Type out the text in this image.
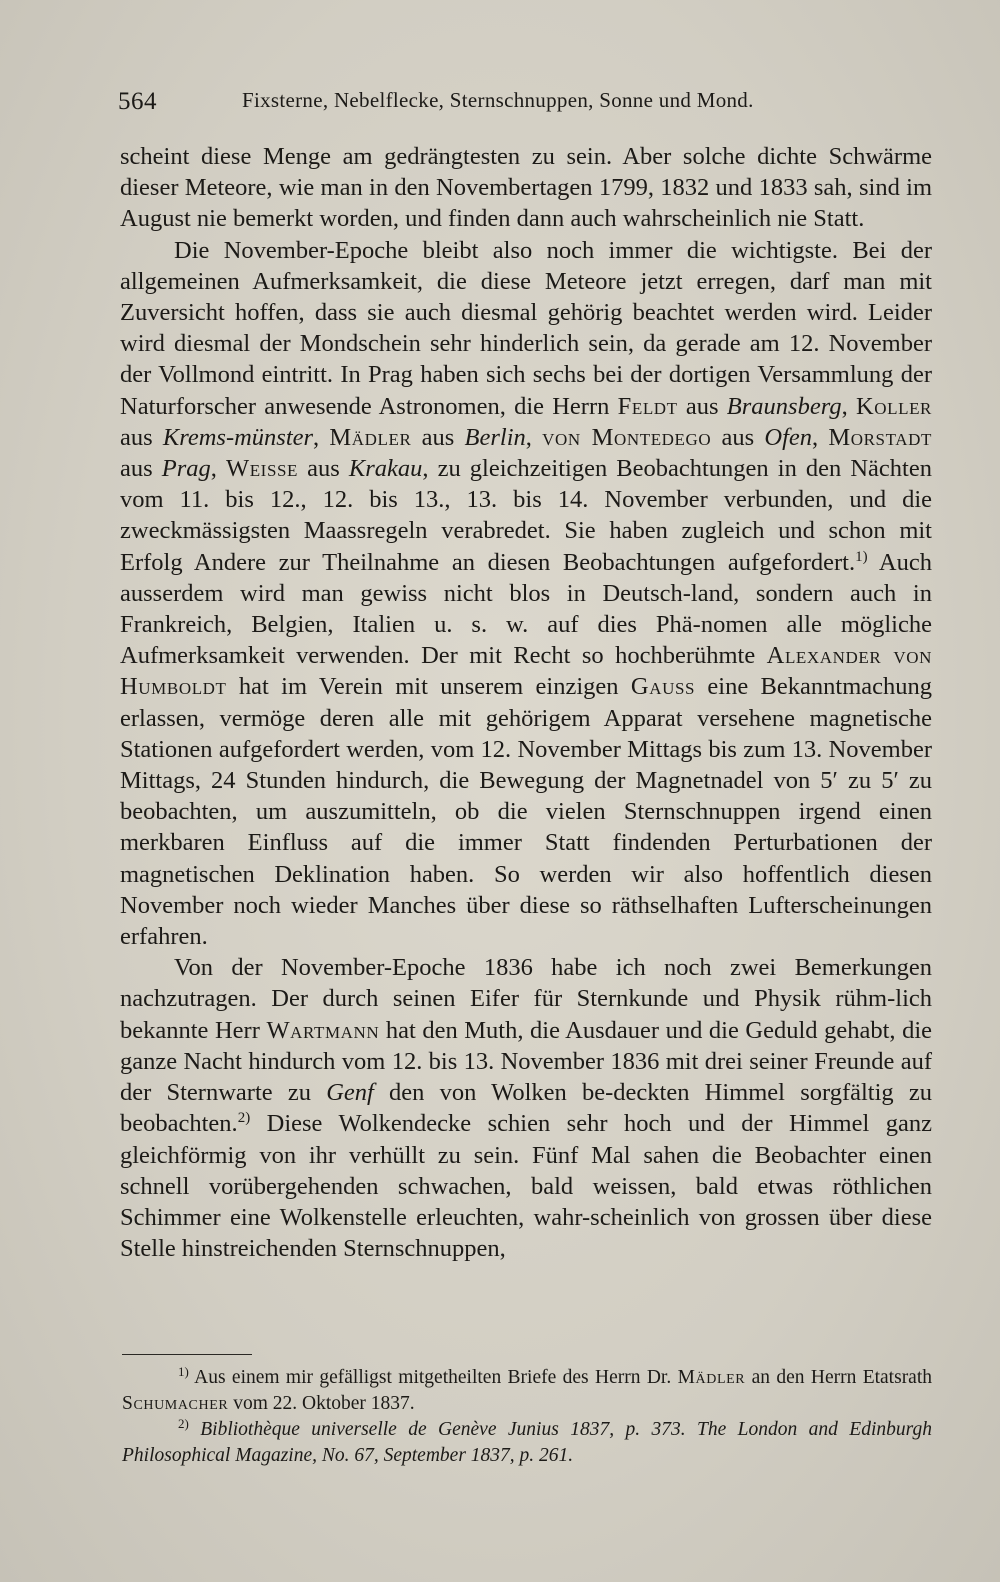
564	Fixsterne, Nebelflecke, Sternschnuppen, Sonne und Mond.

scheint diese Menge am gedrängtesten zu sein. Aber solche dichte Schwärme dieser Meteore, wie man in den Novembertagen 1799, 1832 und 1833 sah, sind im August nie bemerkt worden, und finden dann auch wahrscheinlich nie Statt.

Die November-Epoche bleibt also noch immer die wichtigste. Bei der allgemeinen Aufmerksamkeit, die diese Meteore jetzt erregen, darf man mit Zuversicht hoffen, dass sie auch diesmal gehörig beachtet werden wird. Leider wird diesmal der Mondschein sehr hinderlich sein, da gerade am 12. November der Vollmond eintritt. In Prag haben sich sechs bei der dortigen Versammlung der Naturforscher anwesende Astronomen, die Herrn Feldt aus Braunsberg, Koller aus Krems-münster, Mädler aus Berlin, von Montedego aus Ofen, Morstadt aus Prag, Weisse aus Krakau, zu gleichzeitigen Beobachtungen in den Nächten vom 11. bis 12., 12. bis 13., 13. bis 14. November verbunden, und die zweckmässigsten Maassregeln verabredet. Sie haben zugleich und schon mit Erfolg Andere zur Theilnahme an diesen Beobachtungen aufgefordert.$^{1)}$ Auch ausserdem wird man gewiss nicht blos in Deutsch-land, sondern auch in Frankreich, Belgien, Italien u. s. w. auf dies Phä-nomen alle mögliche Aufmerksamkeit verwenden. Der mit Recht so hochberühmte Alexander von Humboldt hat im Verein mit unserem einzigen Gauss eine Bekanntmachung erlassen, vermöge deren alle mit gehörigem Apparat versehene magnetische Stationen aufgefordert werden, vom 12. November Mittags bis zum 13. November Mittags, 24 Stunden hindurch, die Bewegung der Magnetnadel von 5′ zu 5′ zu beobachten, um auszumitteln, ob die vielen Sternschnuppen irgend einen merkbaren Einfluss auf die immer Statt findenden Perturbationen der magnetischen Deklination haben. So werden wir also hoffentlich diesen November noch wieder Manches über diese so räthselhaften Lufterscheinungen erfahren.

Von der November-Epoche 1836 habe ich noch zwei Bemerkungen nachzutragen. Der durch seinen Eifer für Sternkunde und Physik rühm-lich bekannte Herr Wartmann hat den Muth, die Ausdauer und die Geduld gehabt, die ganze Nacht hindurch vom 12. bis 13. November 1836 mit drei seiner Freunde auf der Sternwarte zu Genf den von Wolken be-deckten Himmel sorgfältig zu beobachten.$^{2)}$ Diese Wolkendecke schien sehr hoch und der Himmel ganz gleichförmig von ihr verhüllt zu sein. Fünf Mal sahen die Beobachter einen schnell vorübergehenden schwachen, bald weissen, bald etwas röthlichen Schimmer eine Wolkenstelle erleuchten, wahr-scheinlich von grossen über diese Stelle hinstreichenden Sternschnuppen,

$^{1)}$ Aus einem mir gefälligst mitgetheilten Briefe des Herrn Dr. Mädler an den Herrn Etatsrath Schumacher vom 22. Oktober 1837.

$^{2)}$ Bibliothèque universelle de Genève Junius 1837, p. 373. The London and Edinburgh Philosophical Magazine, No. 67, September 1837, p. 261.
